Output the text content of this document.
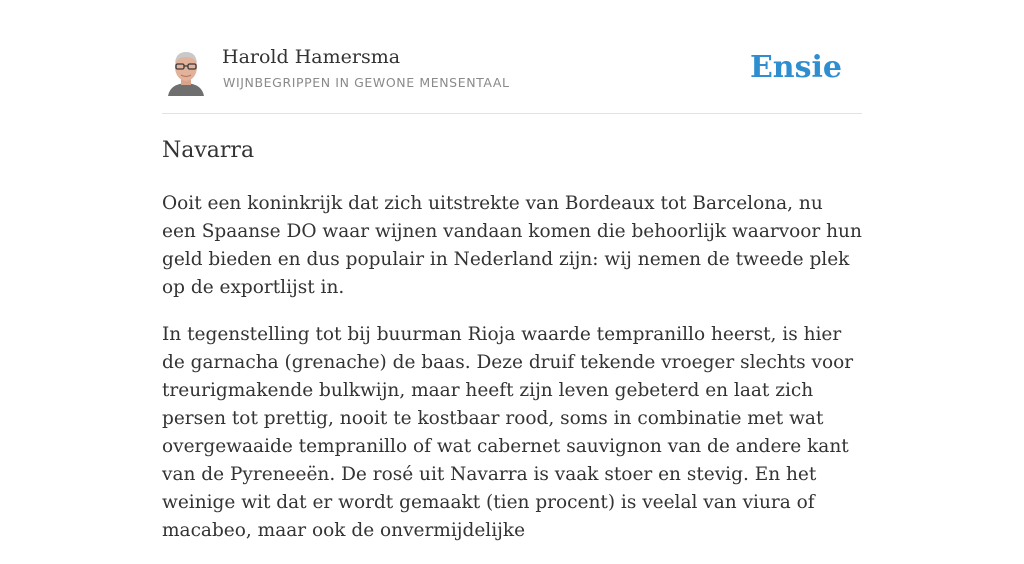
Harold Hamersma
WIJNBEGRIPPEN IN GEWONE MENSENTAAL	Ensie
Navarra

Ooit een koninkrijk dat zich uitstrekte van Bordeaux tot Barcelona, nu een Spaanse DO waar wijnen vandaan komen die behoorlijk waarvoor hun geld bieden en dus populair in Nederland zijn: wij nemen de tweede plek op de exportlijst in.

In tegenstelling tot bij buurman Rioja waarde tempranillo heerst, is hier de garnacha (grenache) de baas. Deze druif tekende vroeger slechts voor treurigmakende bulkwijn, maar heeft zijn leven gebeterd en laat zich persen tot prettig, nooit te kostbaar rood, soms in combinatie met wat overgewaaide tempranillo of wat cabernet sauvignon van de andere kant van de Pyreneeën. De rosé uit Navarra is vaak stoer en stevig. En het weinige wit dat er wordt gemaakt (tien procent) is veelal van viura of macabeo, maar ook de onvermijdelijke
